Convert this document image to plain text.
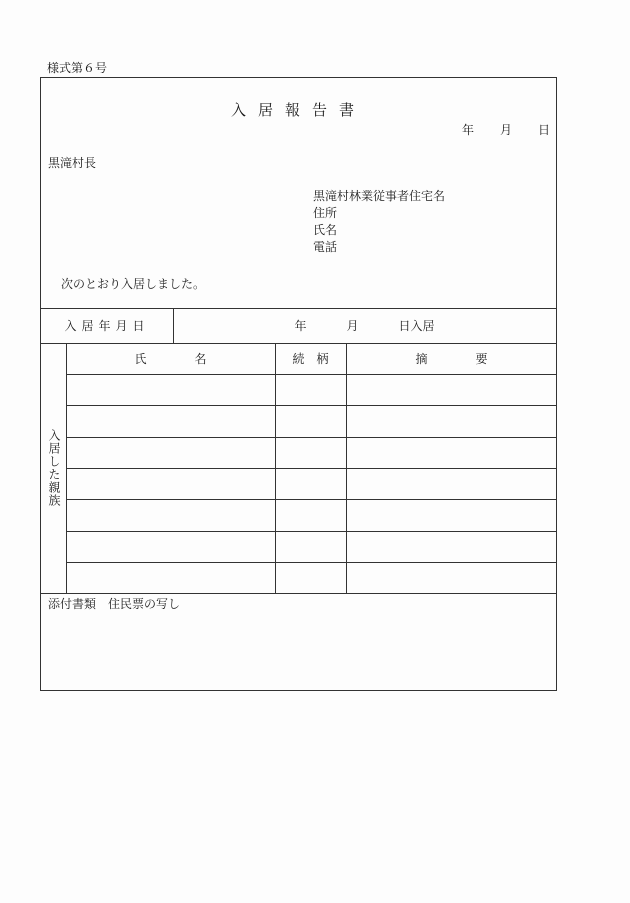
様式第６号
入居報告書
年 月 日
黒滝村長
黒滝村林業従事者住宅名
住所
氏名
電話
次のとおり入居しました。
入居年月日	年	月	日入居
入居した親族
氏　　　　名	続　柄	摘　　　　要
添付書類　住民票の写し
